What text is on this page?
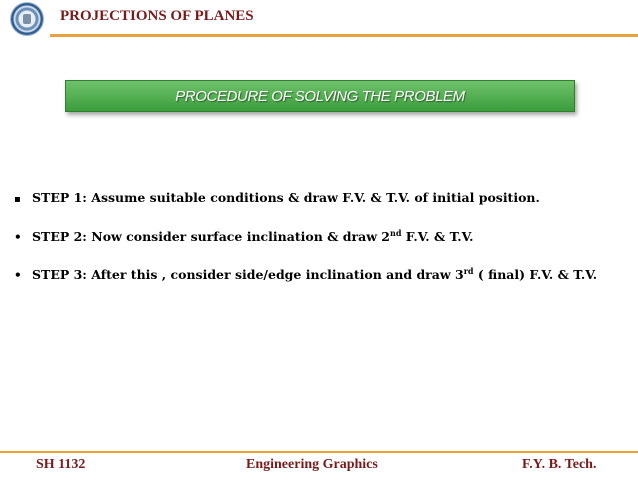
PROJECTIONS OF PLANES
PROCEDURE OF SOLVING THE PROBLEM
▪ STEP 1: Assume suitable conditions & draw F.V. & T.V. of initial position.
• STEP 2: Now consider surface inclination & draw 2nd F.V. & T.V.
• STEP 3: After this , consider side/edge inclination and draw 3rd ( final) F.V. & T.V.
SH 1132	Engineering Graphics	F.Y. B. Tech.
